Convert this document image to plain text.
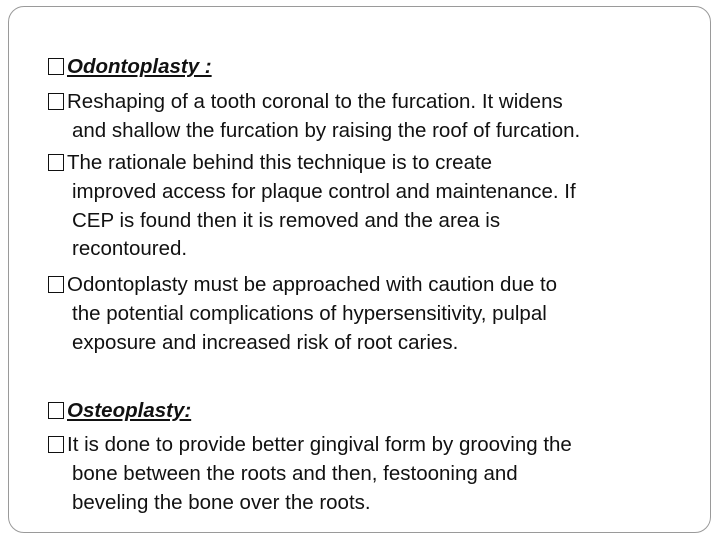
Odontoplasty :
Reshaping of a tooth coronal to the furcation. It widens
and shallow the furcation by raising the roof of furcation.
The rationale behind this technique is to create
improved access for plaque control and maintenance. If
CEP is found then it is removed and the area is
recontoured.
Odontoplasty must be approached with caution due to
the potential complications of hypersensitivity, pulpal
exposure and increased risk of root caries.
Osteoplasty:
It is done to provide better gingival form by grooving the
bone between the roots and then, festooning and
beveling the bone over the roots.
